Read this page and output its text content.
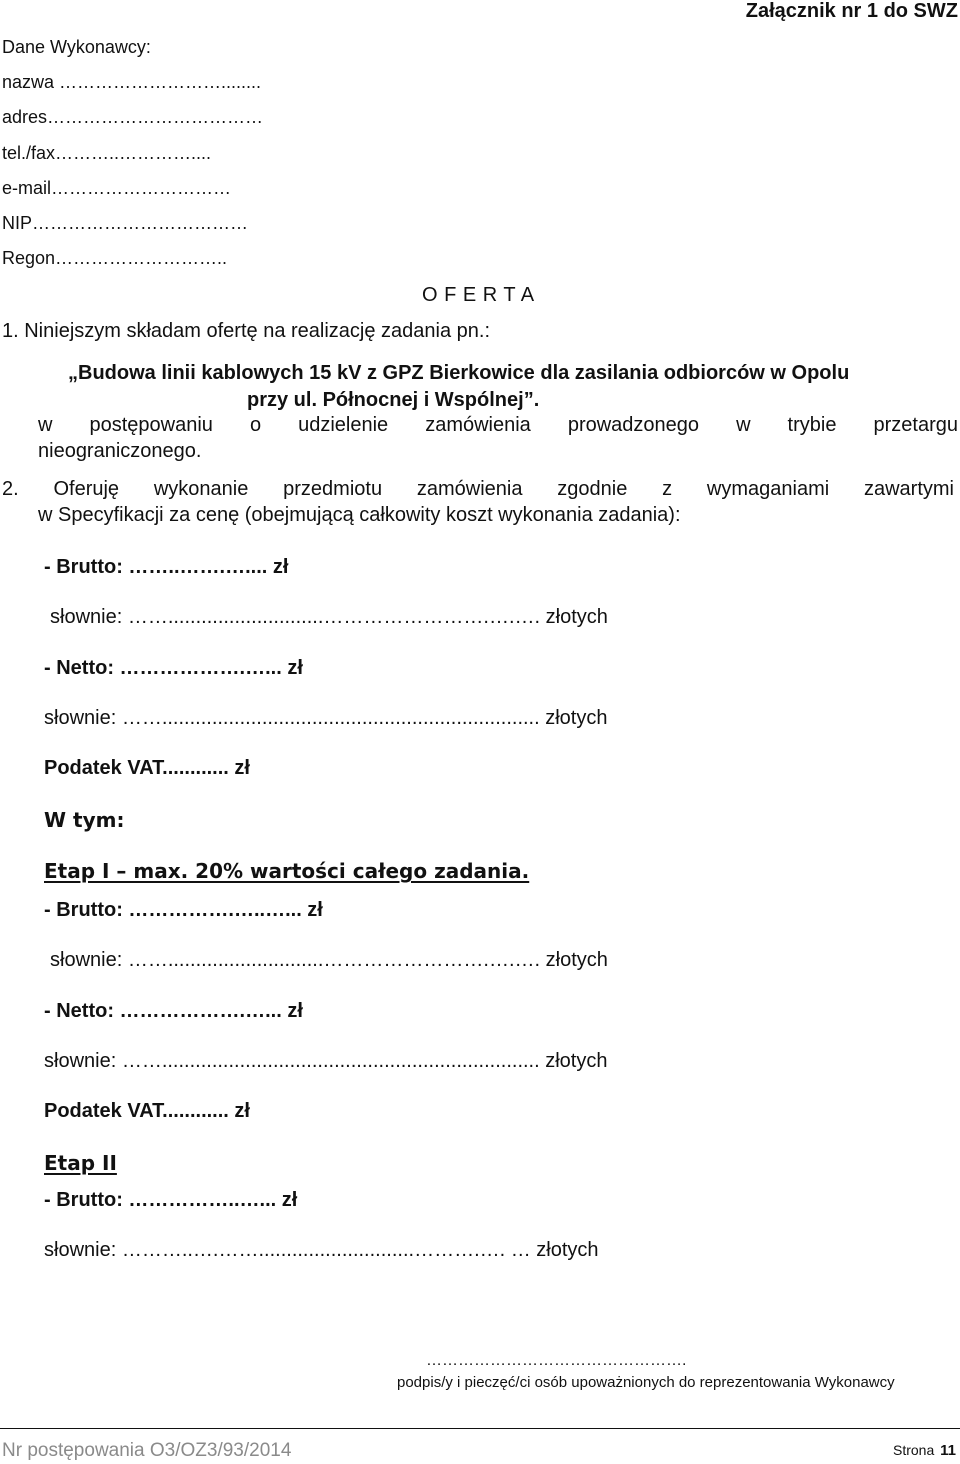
Załącznik nr 1 do SWZ
Dane Wykonawcy:
nazwa ………………………........
adres………………………………
tel./fax………..…………....
e-mail…………………………
NIP………………………………
Regon………………………..
O F E R T A
1. Niniejszym składam ofertę na realizację zadania pn.:
„Budowa linii kablowych 15 kV z GPZ Bierkowice dla zasilania odbiorców w Opolu
przy ul. Północnej i Wspólnej”.
w postępowaniu o udzielenie zamówienia prowadzonego w trybie przetargu
nieograniczonego.
2. Oferuję wykonanie przedmiotu zamówienia zgodnie z wymaganiami zawartymi
w Specyfikacji za cenę (obejmującą całkowity koszt wykonania zadania):
- Brutto: ……..…….….... zł
słownie: ……............................…………………….….…. złotych
- Netto: ……………….…... zł
słownie: …….................................................................... złotych
Podatek VAT............ zł
W tym:
Etap I – max. 20% wartości całego zadania.
- Brutto: …………….…..…... zł
słownie: ……............................…………………….….…. złotych
- Netto: ……………….…... zł
słownie: …….................................................................... złotych
Podatek VAT............ zł
Etap II
- Brutto: ……………..…... zł
słownie: ………..….……............................……….…. … złotych
………………………………………….
podpis/y i pieczęć/ci osób upoważnionych do reprezentowania Wykonawcy
Nr postępowania O3/OZ3/93/2014	Strona 11
